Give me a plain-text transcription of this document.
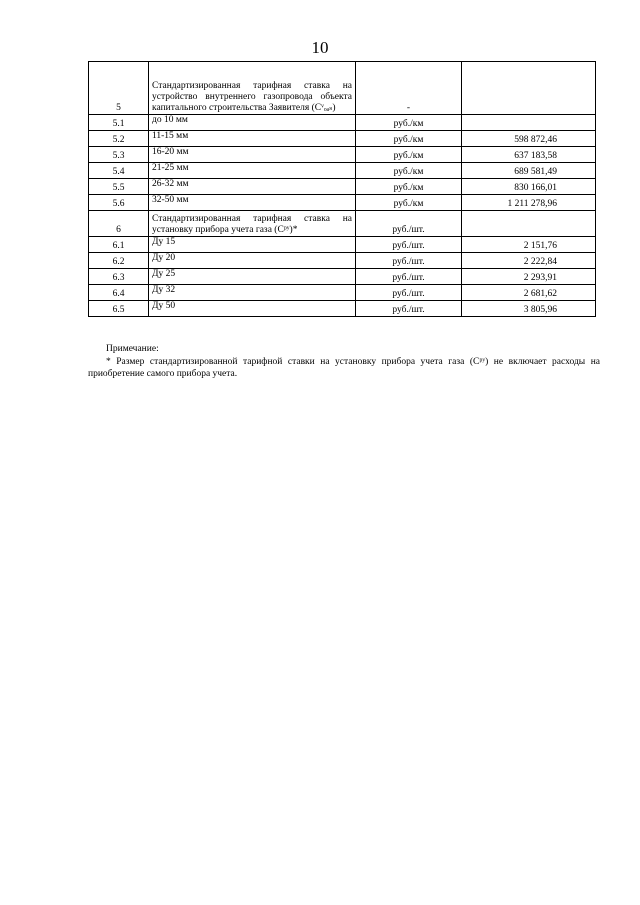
10
5	Стандартизированная тарифная ставка на устройство внутреннего газопровода объекта капитального строительства Заявителя (Cᵛₒₐₛ)	-	
5.1	до 10 мм	руб./км	
5.2	11-15 мм	руб./км	598 872,46
5.3	16-20 мм	руб./км	637 183,58
5.4	21-25 мм	руб./км	689 581,49
5.5	26-32 мм	руб./км	830 166,01
5.6	32-50 мм	руб./км	1 211 278,96
6	Стандартизированная тарифная ставка на установку прибора учета газа (Cᵖʸ)*	руб./шт.	
6.1	Ду 15	руб./шт.	2 151,76
6.2	Ду 20	руб./шт.	2 222,84
6.3	Ду 25	руб./шт.	2 293,91
6.4	Ду 32	руб./шт.	2 681,62
6.5	Ду 50	руб./шт.	3 805,96
Примечание:
* Размер стандартизированной тарифной ставки на установку прибора учета газа (Cᵖʸ) не включает расходы на приобретение самого прибора учета.
